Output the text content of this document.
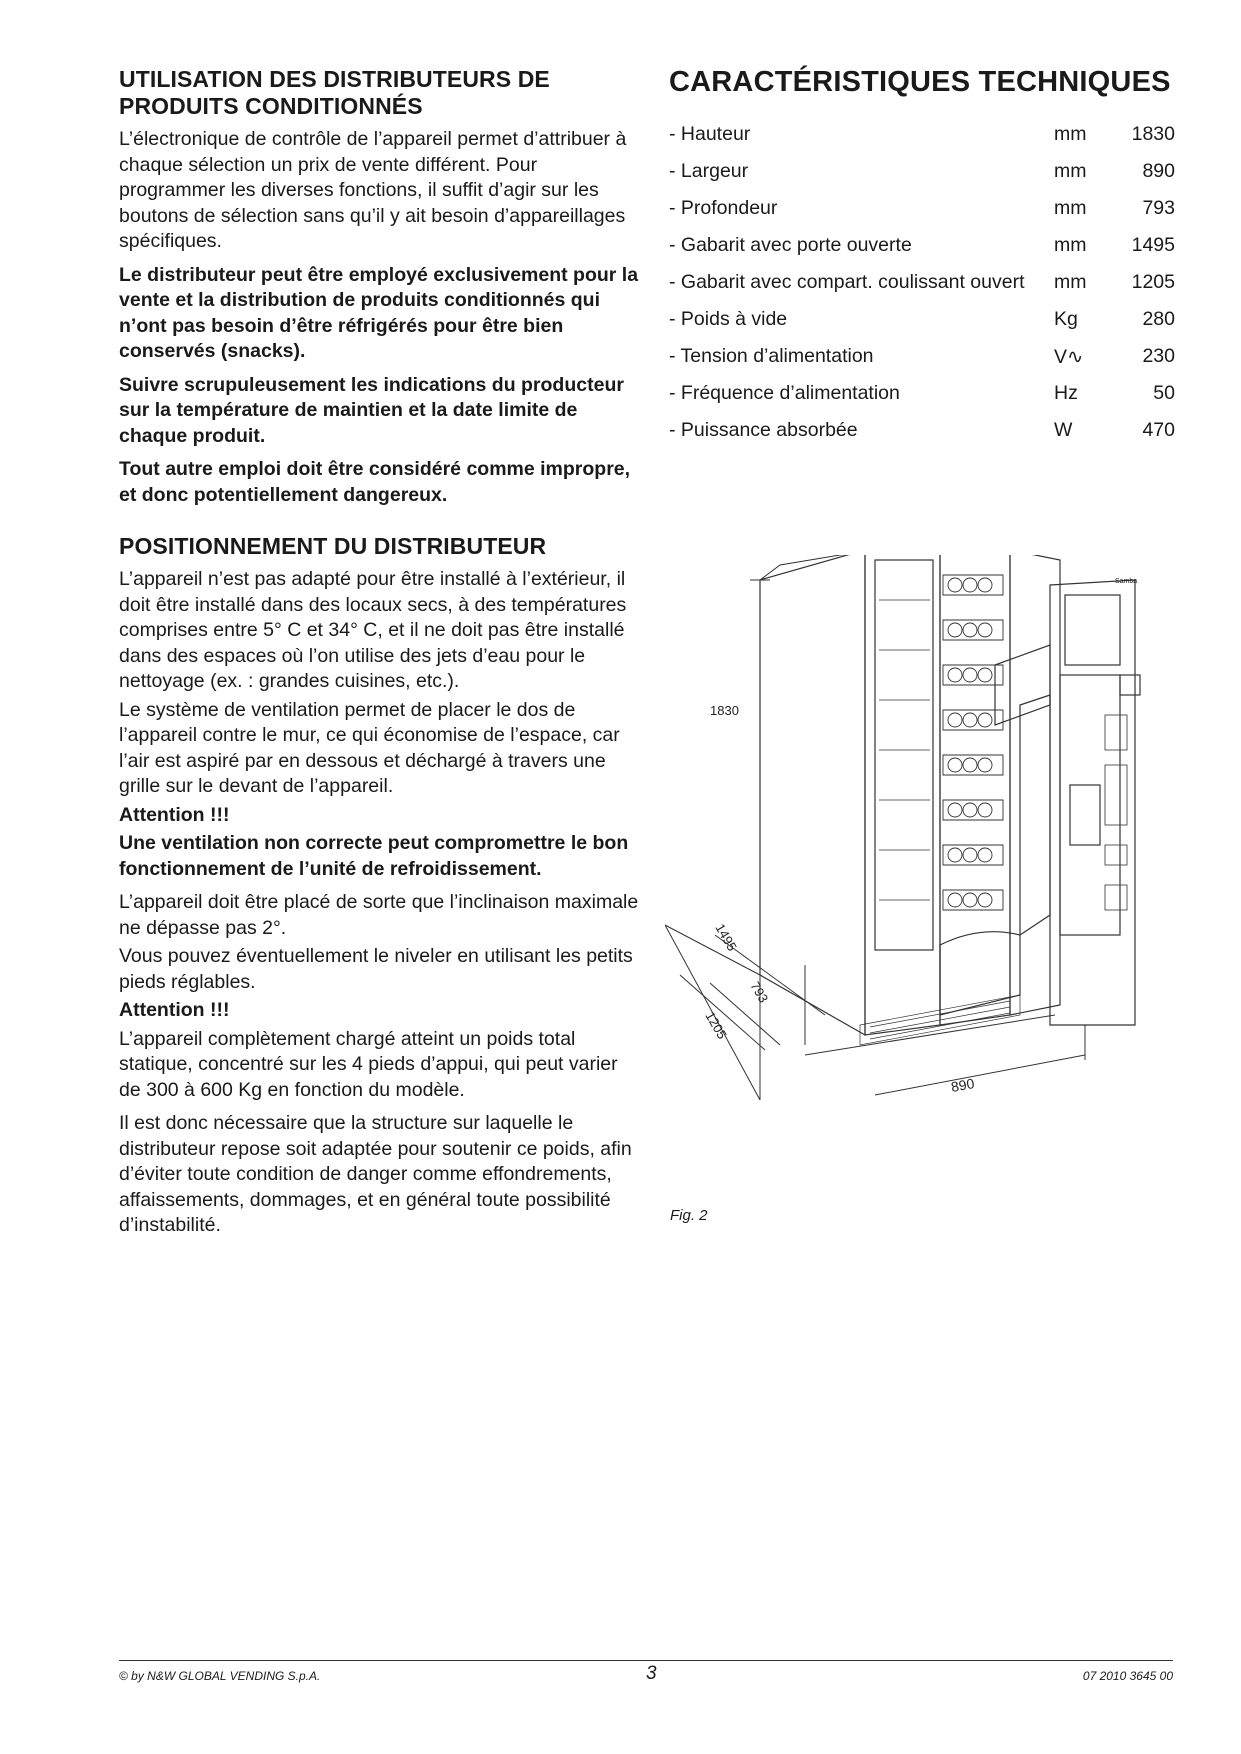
UTILISATION DES DISTRIBUTEURS DE
PRODUITS CONDITIONNÉS

L’électronique de contrôle de l’appareil permet d’attribuer à chaque sélection un prix de vente différent. Pour programmer les diverses fonctions, il suffit d’agir sur les boutons de sélection sans qu’il y ait besoin d’appareillages spécifiques.

Le distributeur peut être employé exclusivement pour la vente et la distribution de produits conditionnés qui n’ont pas besoin d’être réfrigérés pour être bien conservés (snacks).

Suivre scrupuleusement les indications du producteur sur la température de maintien et la date limite de chaque produit.

Tout autre emploi doit être considéré comme impropre, et donc potentiellement dangereux.

POSITIONNEMENT DU DISTRIBUTEUR

L’appareil n’est pas adapté pour être installé à l’extérieur, il doit être installé dans des locaux secs, à des températures comprises entre 5° C et 34° C, et il ne doit pas être installé dans des espaces où l’on utilise des jets d’eau pour le nettoyage (ex. : grandes cuisines, etc.).

Le système de ventilation permet de placer le dos de l’appareil contre le mur, ce qui économise de l’espace, car l’air est aspiré par en dessous et déchargé à travers une grille sur le devant de l’appareil.

Attention !!!

Une ventilation non correcte peut compromettre le bon fonctionnement de l’unité de refroidissement.

L’appareil doit être placé de sorte que l’inclinaison maximale ne dépasse pas 2°.

Vous pouvez éventuellement le niveler en utilisant les petits pieds réglables.

Attention !!!

L’appareil complètement chargé atteint un poids total statique, concentré sur les 4 pieds d’appui, qui peut varier de 300 à 600 Kg en fonction du modèle.

Il est donc nécessaire que la structure sur laquelle le distributeur repose soit adaptée pour soutenir ce poids, afin d’éviter toute condition de danger comme effondrements, affaissements, dommages, et en général toute possibilité d’instabilité.

CARACTÉRISTIQUES TECHNIQUES
- Hauteur	mm	1830
- Largeur	mm	890
- Profondeur	mm	793
- Gabarit avec porte ouverte	mm	1495
- Gabarit avec compart. coulissant ouvert	mm	1205
- Poids à vide	Kg	280
- Tension d’alimentation	V∿	230
- Fréquence d’alimentation	Hz	50
- Puissance absorbée	W	470
1830
1495
793
1205
890
Samba
Fig. 2
© by N&W GLOBAL VENDING S.p.A.	3	07 2010 3645 00
